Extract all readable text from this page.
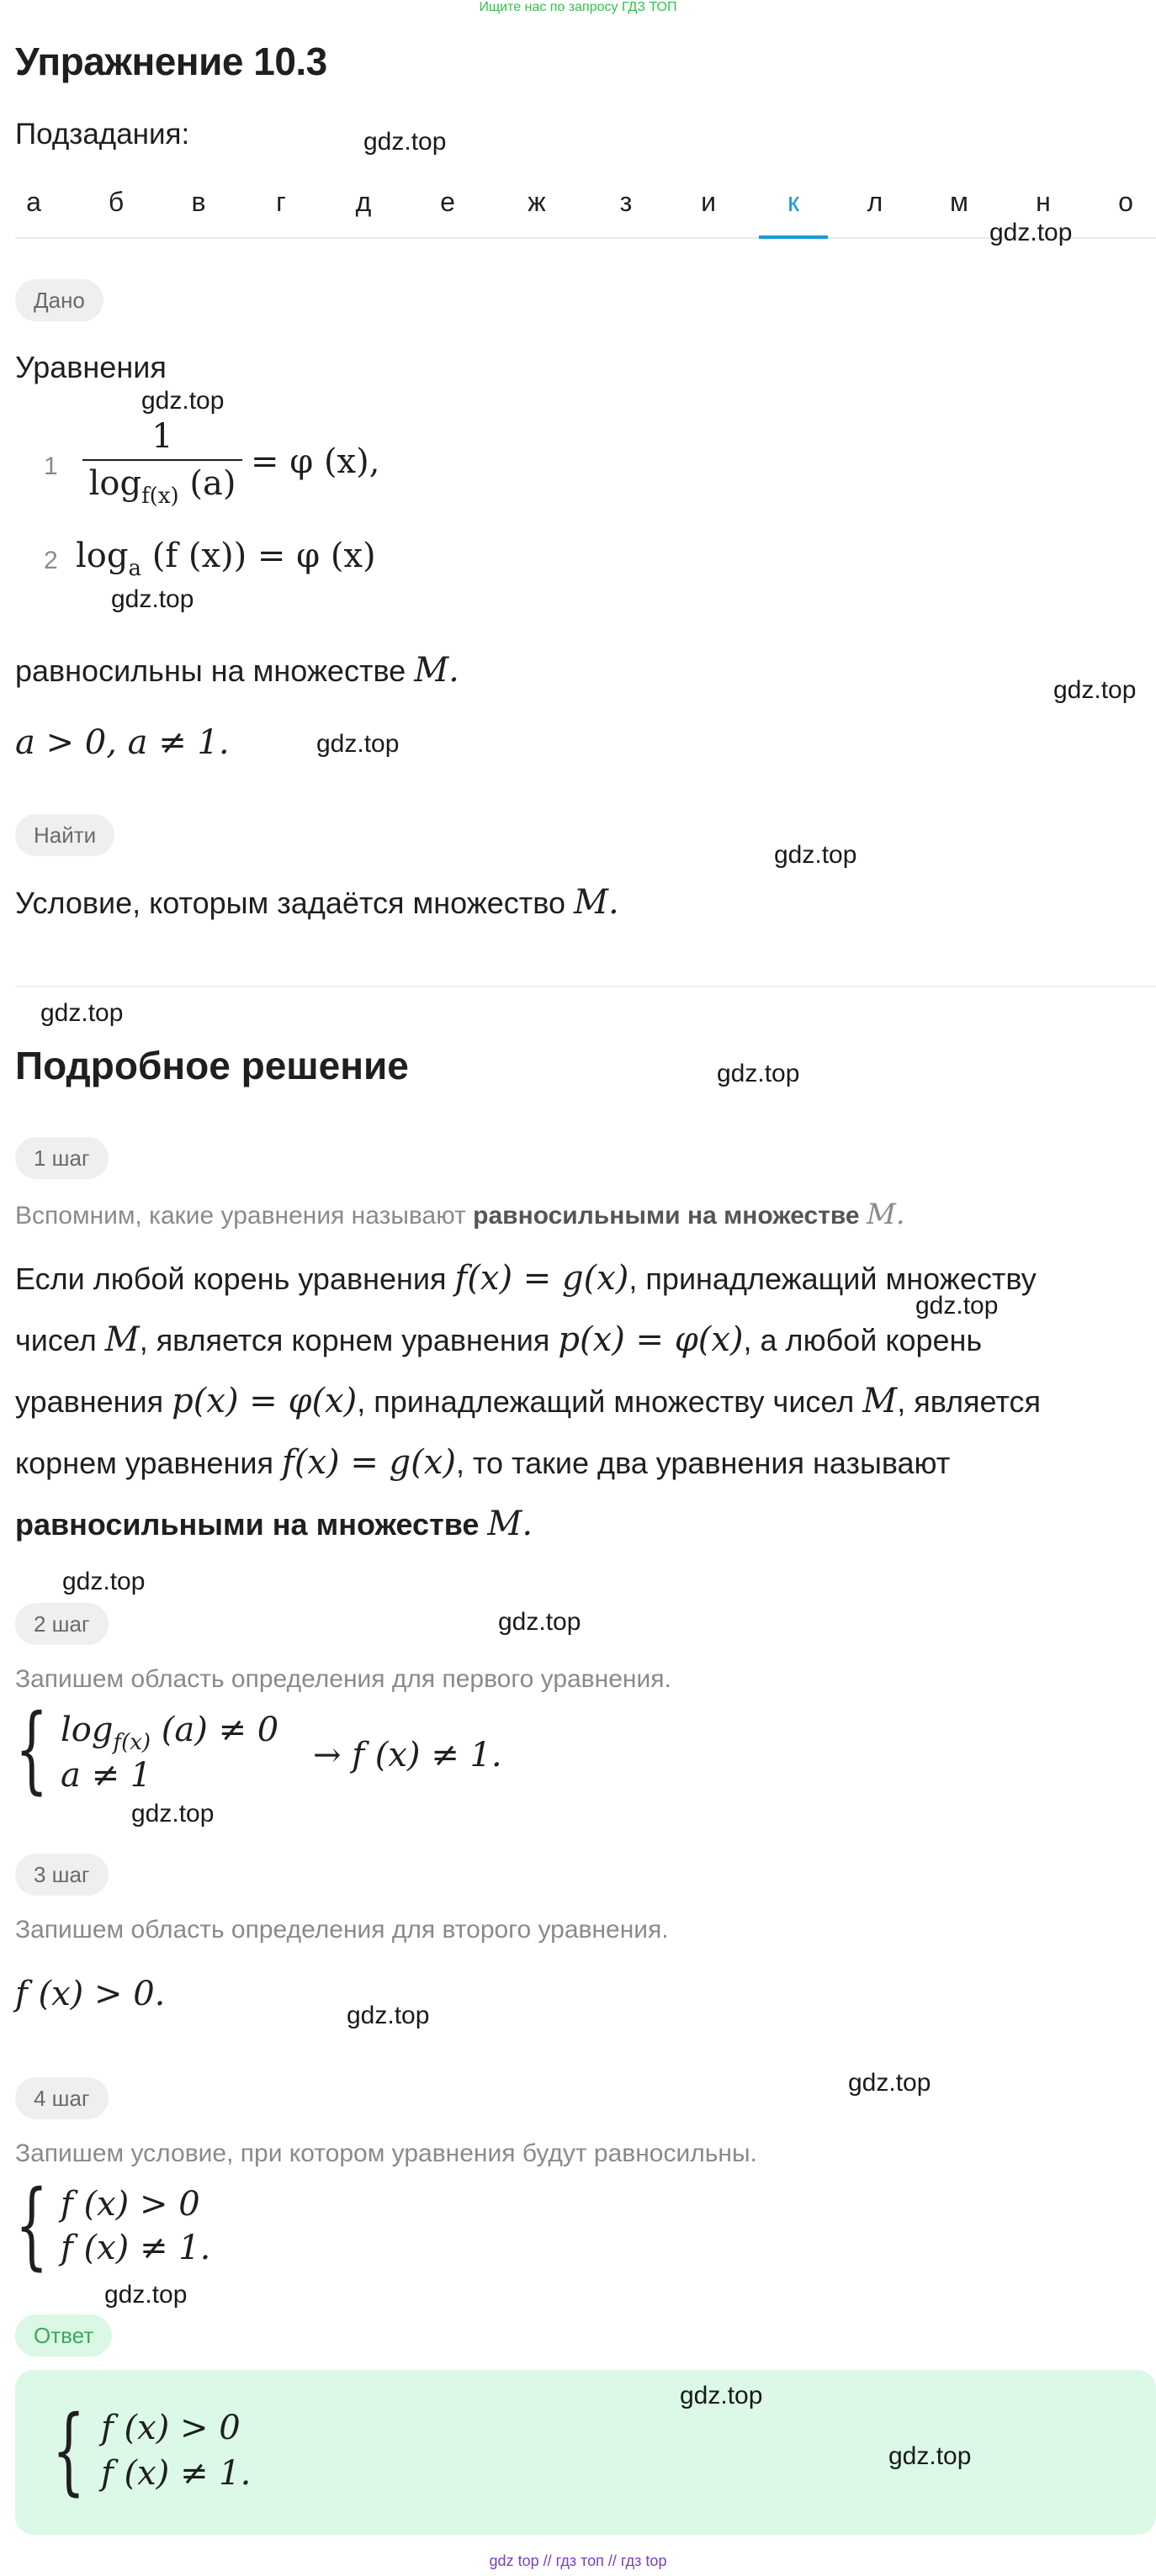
Ищите нас по запросу ГДЗ ТОП
Упражнение 10.3
Подзадания:
а	б	в	г	д	е	ж	з	и	к	л	м	н	о
Дано
Уравнения
$1 \frac{1}{\log_{f(x)} (a)} = \varphi$ (x),
2 $\log_a (f$ (x)) = φ (x)
равносильны на множестве M.
a > 0, a ≠ 1.
Найти
Условие, которым задаётся множество M.
Подробное решение
1 шаг
Вспомним, какие уравнения называют равносильными на множестве M.
Если любой корень уравнения f(x) = g(x), принадлежащий множеству
чисел M, является корнем уравнения p(x) = φ(x), а любой корень
уравнения p(x) = φ(x), принадлежащий множеству чисел M, является
корнем уравнения f(x) = g(x), то такие два уравнения называют
равносильными на множестве M.
2 шаг
Запишем область определения для первого уравнения.
{ $\log_{f(x)} (a) \ne 0$
a ≠ 1
→ f (x) ≠ 1.
3 шаг
Запишем область определения для второго уравнения.
f (x) > 0.
4 шаг
Запишем условие, при котором уравнения будут равносильны.
{ f (x) > 0
f (x) ≠ 1.
Ответ
{ f (x) > 0
f (x) ≠ 1.
gdz.top
gdz.top
gdz.top
gdz.top
gdz.top
gdz.top
gdz.top
gdz.top
gdz.top
gdz.top
gdz.top
gdz.top
gdz.top
gdz.top
gdz.top
gdz.top
gdz.top
gdz.top
gdz top // гдз топ // гдз top
